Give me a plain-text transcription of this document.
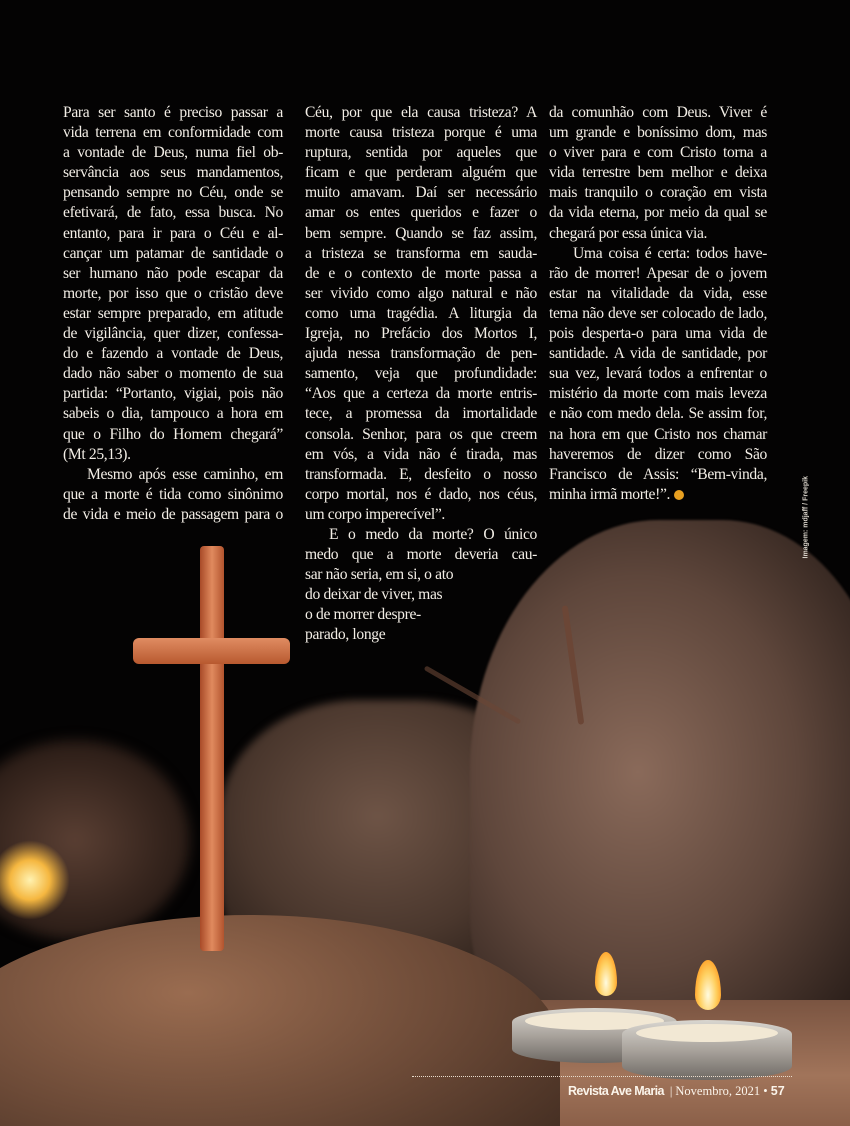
Para ser santo é preciso passar a
vida terrena em conformidade com
a vontade de Deus, numa fiel ob-
servância aos seus mandamentos,
pensando sempre no Céu, onde se
efetivará, de fato, essa busca. No
entanto, para ir para o Céu e al-
cançar um patamar de santidade o
ser humano não pode escapar da
morte, por isso que o cristão deve
estar sempre preparado, em atitude
de vigilância, quer dizer, confessa-
do e fazendo a vontade de Deus,
dado não saber o momento de sua
partida: “Portanto, vigiai, pois não
sabeis o dia, tampouco a hora em
que o Filho do Homem chegará”
(Mt 25,13).
Mesmo após esse caminho, em
que a morte é tida como sinônimo
de vida e meio de passagem para o
Céu, por que ela causa tristeza? A
morte causa tristeza porque é uma
ruptura, sentida por aqueles que
ficam e que perderam alguém que
muito amavam. Daí ser necessário
amar os entes queridos e fazer o
bem sempre. Quando se faz assim,
a tristeza se transforma em sauda-
de e o contexto de morte passa a
ser vivido como algo natural e não
como uma tragédia. A liturgia da
Igreja, no Prefácio dos Mortos I,
ajuda nessa transformação de pen-
samento, veja que profundidade:
“Aos que a certeza da morte entris-
tece, a promessa da imortalidade
consola. Senhor, para os que creem
em vós, a vida não é tirada, mas
transformada. E, desfeito o nosso
corpo mortal, nos é dado, nos céus,
um corpo imperecível”.
E o medo da morte? O único
medo que a morte deveria cau-
sar não seria, em si, o ato
do deixar de viver, mas
o de morrer despre-
parado, longe
da comunhão com Deus. Viver é
um grande e boníssimo dom, mas
o viver para e com Cristo torna a
vida terrestre bem melhor e deixa
mais tranquilo o coração em vista
da vida eterna, por meio da qual se
chegará por essa única via.
Uma coisa é certa: todos have-
rão de morrer! Apesar de o jovem
estar na vitalidade da vida, esse
tema não deve ser colocado de lado,
pois desperta-o para uma vida de
santidade. A vida de santidade, por
sua vez, levará todos a enfrentar o
mistério da morte com mais leveza
e não com medo dela. Se assim for,
na hora em que Cristo nos chamar
haveremos de dizer como São
Francisco de Assis: “Bem-vinda,
minha irmã morte!”.	Imagem: mdjaff / Freepik
Revista Ave Maria | Novembro, 2021 • 57
